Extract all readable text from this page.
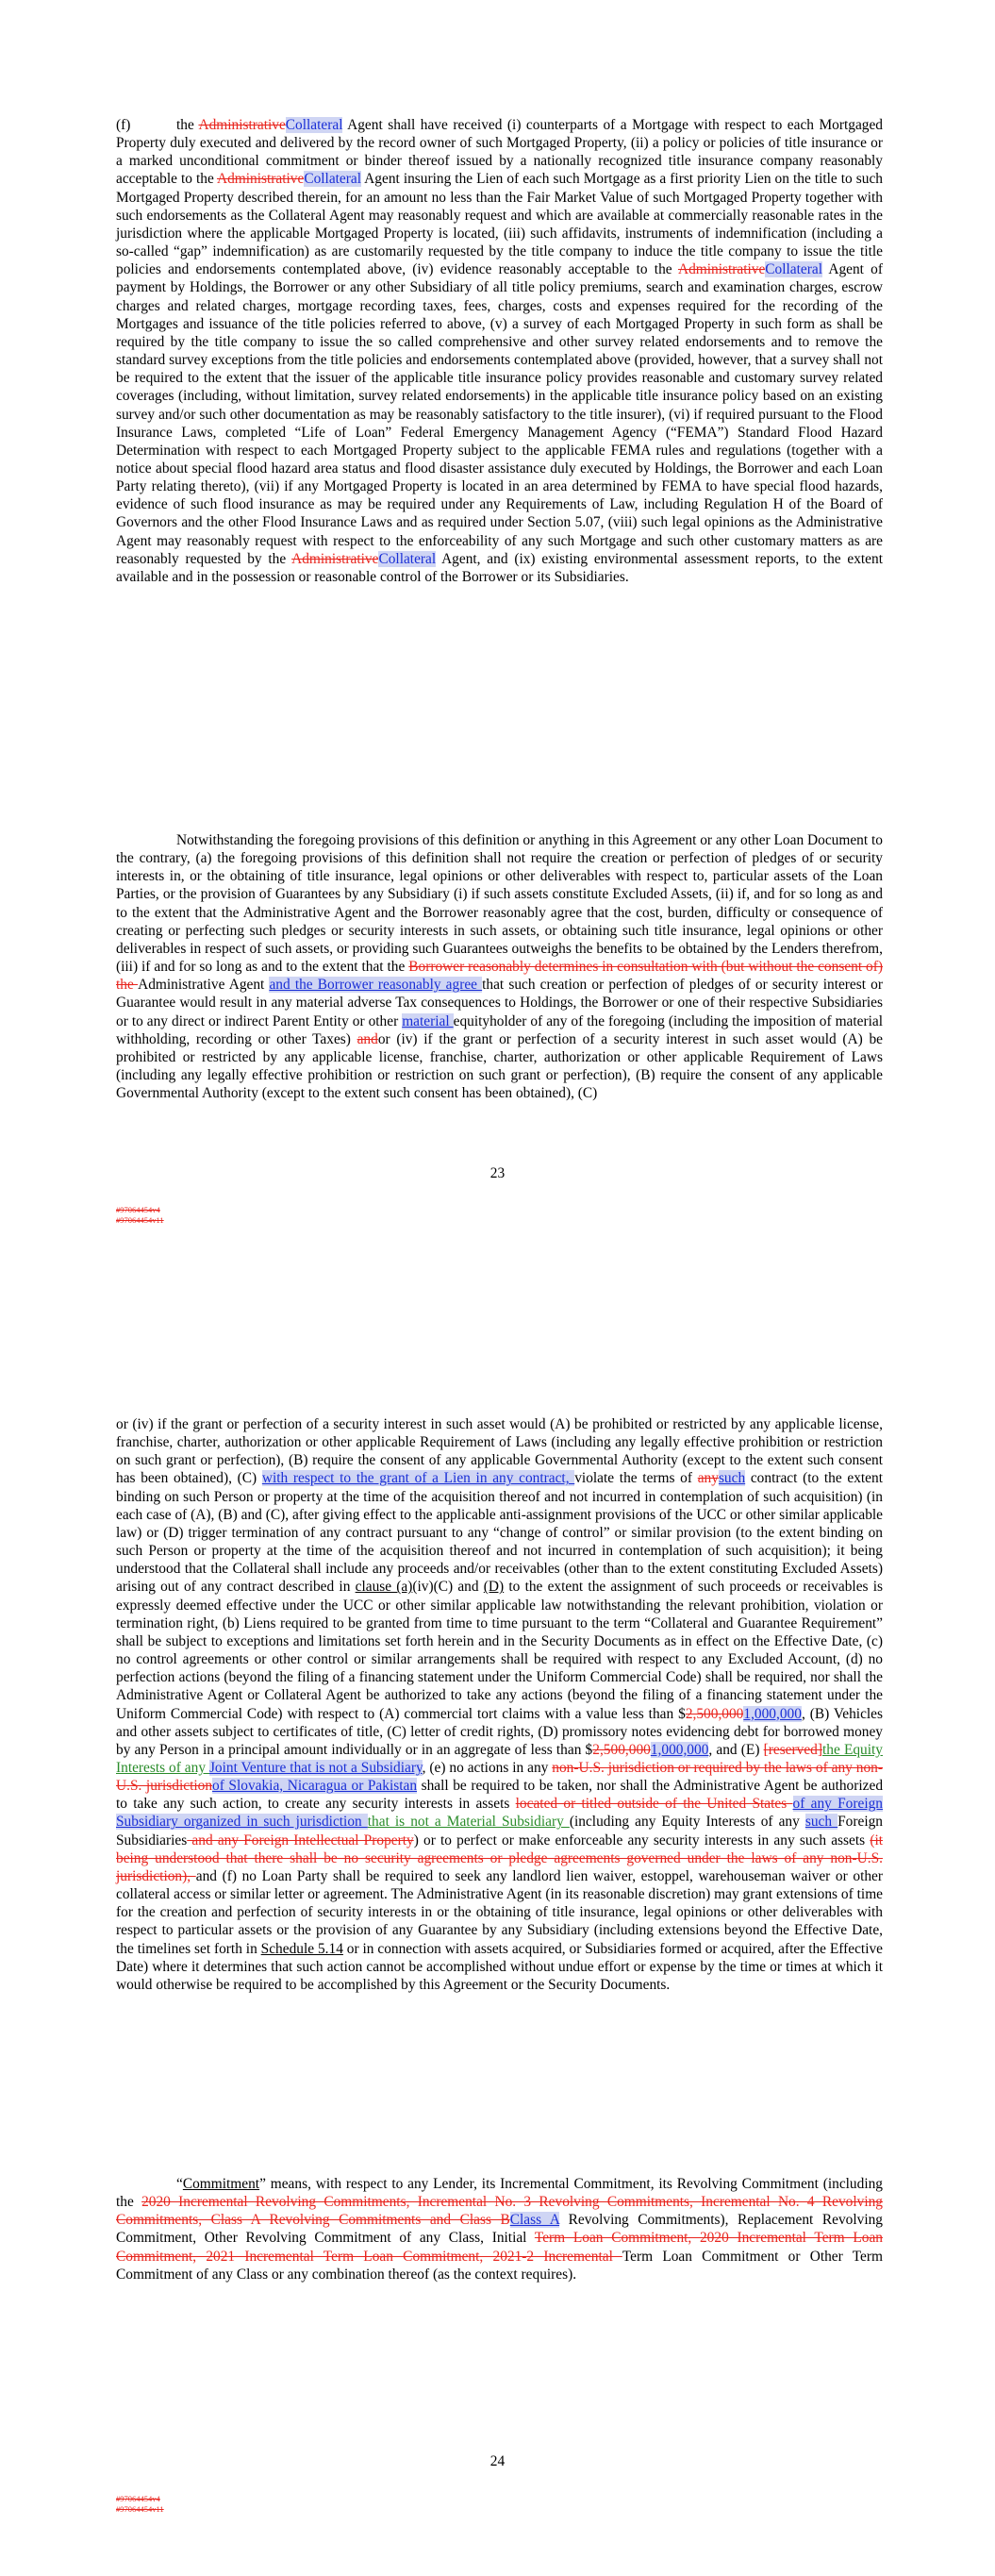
(f)	the AdministrativeCollateral Agent shall have received (i) counterparts of a Mortgage with respect to each Mortgaged Property duly executed and delivered by the record owner of such Mortgaged Property, (ii) a policy or policies of title insurance or a marked unconditional commitment or binder thereof issued by a nationally recognized title insurance company reasonably acceptable to the AdministrativeCollateral Agent insuring the Lien of each such Mortgage as a first priority Lien on the title to such Mortgaged Property described therein, for an amount no less than the Fair Market Value of such Mortgaged Property together with such endorsements as the Collateral Agent may reasonably request and which are available at commercially reasonable rates in the jurisdiction where the applicable Mortgaged Property is located, (iii) such affidavits, instruments of indemnification (including a so-called “gap” indemnification) as are customarily requested by the title company to induce the title company to issue the title policies and endorsements contemplated above, (iv) evidence reasonably acceptable to the AdministrativeCollateral Agent of payment by Holdings, the Borrower or any other Subsidiary of all title policy premiums, search and examination charges, escrow charges and related charges, mortgage recording taxes, fees, charges, costs and expenses required for the recording of the Mortgages and issuance of the title policies referred to above, (v) a survey of each Mortgaged Property in such form as shall be required by the title company to issue the so called comprehensive and other survey related endorsements and to remove the standard survey exceptions from the title policies and endorsements contemplated above (provided, however, that a survey shall not be required to the extent that the issuer of the applicable title insurance policy provides reasonable and customary survey related coverages (including, without limitation, survey related endorsements) in the applicable title insurance policy based on an existing survey and/or such other documentation as may be reasonably satisfactory to the title insurer), (vi) if required pursuant to the Flood Insurance Laws, completed “Life of Loan” Federal Emergency Management Agency (“FEMA”) Standard Flood Hazard Determination with respect to each Mortgaged Property subject to the applicable FEMA rules and regulations (together with a notice about special flood hazard area status and flood disaster assistance duly executed by Holdings, the Borrower and each Loan Party relating thereto), (vii) if any Mortgaged Property is located in an area determined by FEMA to have special flood hazards, evidence of such flood insurance as may be required under any Requirements of Law, including Regulation H of the Board of Governors and the other Flood Insurance Laws and as required under Section 5.07, (viii) such legal opinions as the Administrative Agent may reasonably request with respect to the enforceability of any such Mortgage and such other customary matters as are reasonably requested by the AdministrativeCollateral Agent, and (ix) existing environmental assessment reports, to the extent available and in the possession or reasonable control of the Borrower or its Subsidiaries.

Notwithstanding the foregoing provisions of this definition or anything in this Agreement or any other Loan Document to the contrary, (a) the foregoing provisions of this definition shall not require the creation or perfection of pledges of or security interests in, or the obtaining of title insurance, legal opinions or other deliverables with respect to, particular assets of the Loan Parties, or the provision of Guarantees by any Subsidiary (i) if such assets constitute Excluded Assets, (ii) if, and for so long as and to the extent that the Administrative Agent and the Borrower reasonably agree that the cost, burden, difficulty or consequence of creating or perfecting such pledges or security interests in such assets, or obtaining such title insurance, legal opinions or other deliverables in respect of such assets, or providing such Guarantees outweighs the benefits to be obtained by the Lenders therefrom, (iii) if and for so long as and to the extent that the Borrower reasonably determines in consultation with (but without the consent of) the Administrative Agent and the Borrower reasonably agree that such creation or perfection of pledges of or security interest or Guarantee would result in any material adverse Tax consequences to Holdings, the Borrower or one of their respective Subsidiaries or to any direct or indirect Parent Entity or other material equityholder of any of the foregoing (including the imposition of material withholding, recording or other Taxes) andor (iv) if the grant or perfection of a security interest in such asset would (A) be prohibited or restricted by any applicable license, franchise, charter, authorization or other applicable Requirement of Laws (including any legally effective prohibition or restriction on such grant or perfection), (B) require the consent of any applicable Governmental Authority (except to the extent such consent has been obtained), (C)

23
#97064454v4
#97064454v11

or (iv) if the grant or perfection of a security interest in such asset would (A) be prohibited or restricted by any applicable license, franchise, charter, authorization or other applicable Requirement of Laws (including any legally effective prohibition or restriction on such grant or perfection), (B) require the consent of any applicable Governmental Authority (except to the extent such consent has been obtained), (C) with respect to the grant of a Lien in any contract, violate the terms of anysuch contract (to the extent binding on such Person or property at the time of the acquisition thereof and not incurred in contemplation of such acquisition) (in each case of (A), (B) and (C), after giving effect to the applicable anti-assignment provisions of the UCC or other similar applicable law) or (D) trigger termination of any contract pursuant to any “change of control” or similar provision (to the extent binding on such Person or property at the time of the acquisition thereof and not incurred in contemplation of such acquisition); it being understood that the Collateral shall include any proceeds and/or receivables (other than to the extent constituting Excluded Assets) arising out of any contract described in clause (a)(iv)(C) and (D) to the extent the assignment of such proceeds or receivables is expressly deemed effective under the UCC or other similar applicable law notwithstanding the relevant prohibition, violation or termination right, (b) Liens required to be granted from time to time pursuant to the term “Collateral and Guarantee Requirement” shall be subject to exceptions and limitations set forth herein and in the Security Documents as in effect on the Effective Date, (c) no control agreements or other control or similar arrangements shall be required with respect to any Excluded Account, (d) no perfection actions (beyond the filing of a financing statement under the Uniform Commercial Code) shall be required, nor shall the Administrative Agent or Collateral Agent be authorized to take any actions (beyond the filing of a financing statement under the Uniform Commercial Code) with respect to (A) commercial tort claims with a value less than $2,500,0001,000,000, (B) Vehicles and other assets subject to certificates of title, (C) letter of credit rights, (D) promissory notes evidencing debt for borrowed money by any Person in a principal amount individually or in an aggregate of less than $2,500,0001,000,000, and (E) [reserved]the Equity Interests of any Joint Venture that is not a Subsidiary, (e) no actions in any non-U.S. jurisdiction or required by the laws of any non-U.S. jurisdictionof Slovakia, Nicaragua or Pakistan shall be required to be taken, nor shall the Administrative Agent be authorized to take any such action, to create any security interests in assets located or titled outside of the United States of any Foreign Subsidiary organized in such jurisdiction that is not a Material Subsidiary (including any Equity Interests of any such Foreign Subsidiaries and any Foreign Intellectual Property) or to perfect or make enforceable any security interests in any such assets (it being understood that there shall be no security agreements or pledge agreements governed under the laws of any non-U.S. jurisdiction), and (f) no Loan Party shall be required to seek any landlord lien waiver, estoppel, warehouseman waiver or other collateral access or similar letter or agreement. The Administrative Agent (in its reasonable discretion) may grant extensions of time for the creation and perfection of security interests in or the obtaining of title insurance, legal opinions or other deliverables with respect to particular assets or the provision of any Guarantee by any Subsidiary (including extensions beyond the Effective Date, the timelines set forth in Schedule 5.14 or in connection with assets acquired, or Subsidiaries formed or acquired, after the Effective Date) where it determines that such action cannot be accomplished without undue effort or expense by the time or times at which it would otherwise be required to be accomplished by this Agreement or the Security Documents.

“Commitment” means, with respect to any Lender, its Incremental Commitment, its Revolving Commitment (including the 2020 Incremental Revolving Commitments, Incremental No. 3 Revolving Commitments, Incremental No. 4 Revolving Commitments, Class A Revolving Commitments and Class BClass A Revolving Commitments), Replacement Revolving Commitment, Other Revolving Commitment of any Class, Initial Term Loan Commitment, 2020 Incremental Term Loan Commitment, 2021 Incremental Term Loan Commitment, 2021-2 Incremental Term Loan Commitment or Other Term Commitment of any Class or any combination thereof (as the context requires).

24
#97064454v4
#97064454v11
